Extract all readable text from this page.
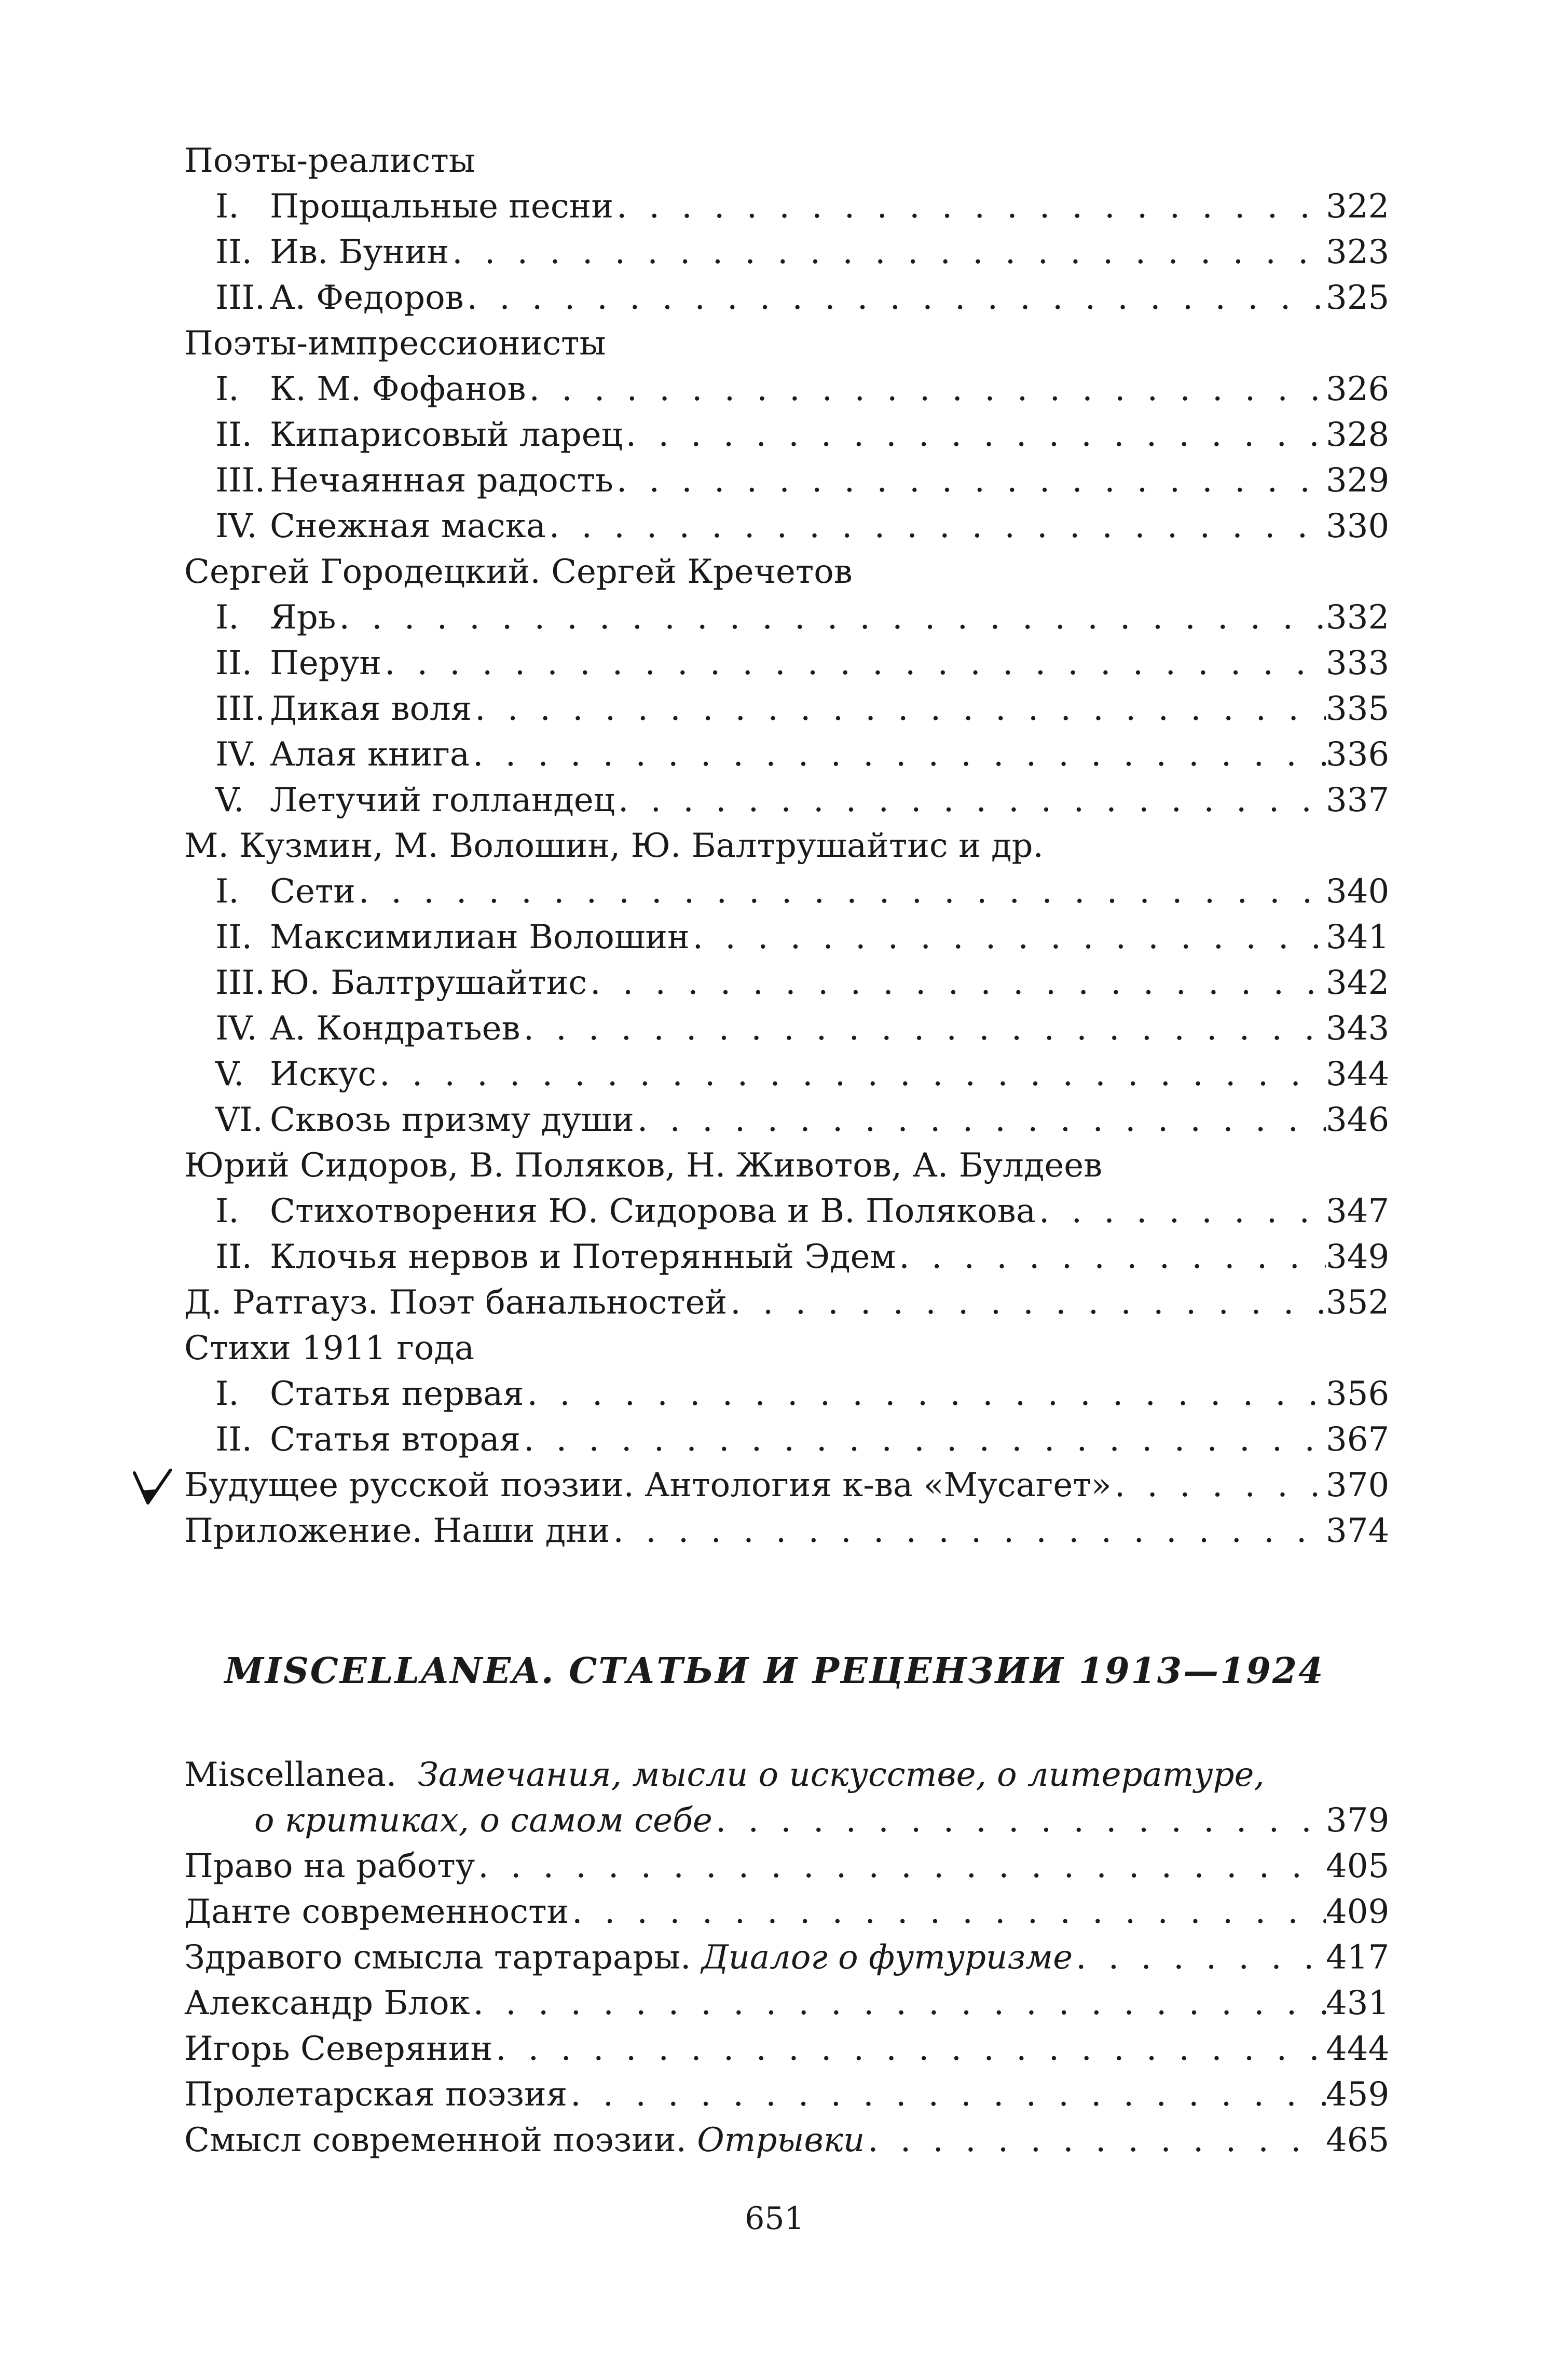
Поэты-реалисты
I. Прощальные песни . . .	322
II. Ив. Бунин . . .	323
III. А. Федоров . . .	325
Поэты-импрессионисты
I. К. М. Фофанов . . .	326
II. Кипарисовый ларец . . .	328
III. Нечаянная радость . . .	329
IV. Снежная маска . . .	330
Сергей Городецкий. Сергей Кречетов
I. Ярь . . .	332
II. Перун . . .	333
III. Дикая воля . . .	335
IV. Алая книга . . .	336
V. Летучий голландец . . .	337
М. Кузмин, М. Волошин, Ю. Балтрушайтис и др.
I. Сети . . .	340
II. Максимилиан Волошин . . .	341
III. Ю. Балтрушайтис . . .	342
IV. А. Кондратьев . . .	343
V. Искус . . .	344
VI. Сквозь призму души . . .	346
Юрий Сидоров, В. Поляков, Н. Животов, А. Булдеев
I. Стихотворения Ю. Сидорова и В. Полякова . . .	347
II. Клочья нервов и Потерянный Эдем . . .	349
Д. Ратгауз. Поэт банальностей . . .	352
Стихи 1911 года
I. Статья первая . . .	356
II. Статья вторая . . .	367
Будущее русской поэзии. Антология к-ва «Мусагет» . . .	370
Приложение. Наши дни . . .	374
MISCELLANEA. СТАТЬИ И РЕЦЕНЗИИ 1913—1924
Miscellanea.
Замечания, мысли о искусстве, о литературе,
о критиках, о самом себе . . .	379
Право на работу . . .	405
Данте современности . . .	409
Здравого смысла тартарары.
Диалог о футуризме . . .	417
Александр Блок . . .	431
Игорь Северянин . . .	444
Пролетарская поэзия . . .	459
Смысл современной поэзии.
Отрывки . . .	465
651
